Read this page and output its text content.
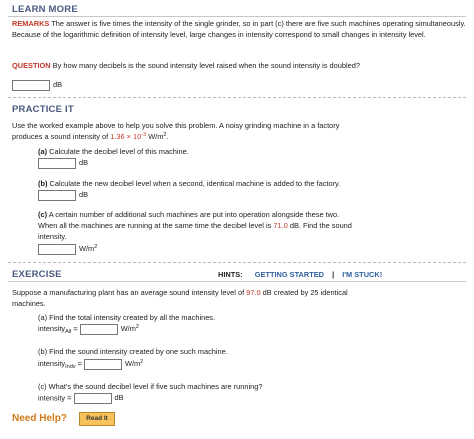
LEARN MORE
REMARKS The answer is five times the intensity of the single grinder, so in part (c) there are five such machines operating simultaneously. Because of the logarithmic definition of intensity level, large changes in intensity correspond to small changes in intensity level.
QUESTION By how many decibels is the sound intensity level raised when the sound intensity is doubled?
dB
PRACTICE IT
Use the worked example above to help you solve this problem. A noisy grinding machine in a factory
produces a sound intensity of $1.36 \times 10^{-3}$ $W/m^2$.
(a) Calculate the decibel level of this machine.
dB
(b) Calculate the new decibel level when a second, identical machine is added to the factory.
dB
(c) A certain number of additional such machines are put into operation alongside these two.
When all the machines are running at the same time the decibel level is 71.0 dB. Find the sound
intensity.
$W/m^2$
EXERCISE	HINTS: GETTING STARTED | I'M STUCK!
Suppose a manufacturing plant has an average sound intensity level of 97.0 dB created by 25 identical
machines.
(a) Find the total intensity created by all the machines.
intensity$_{All}$ =	$W/m^2$
(b) Find the sound intensity created by one such machine.
intensity$_{Indv}$ =	$W/m^2$
(c) What's the sound decibel level if five such machines are running?
intensity =	dB
Need Help?	Read It
